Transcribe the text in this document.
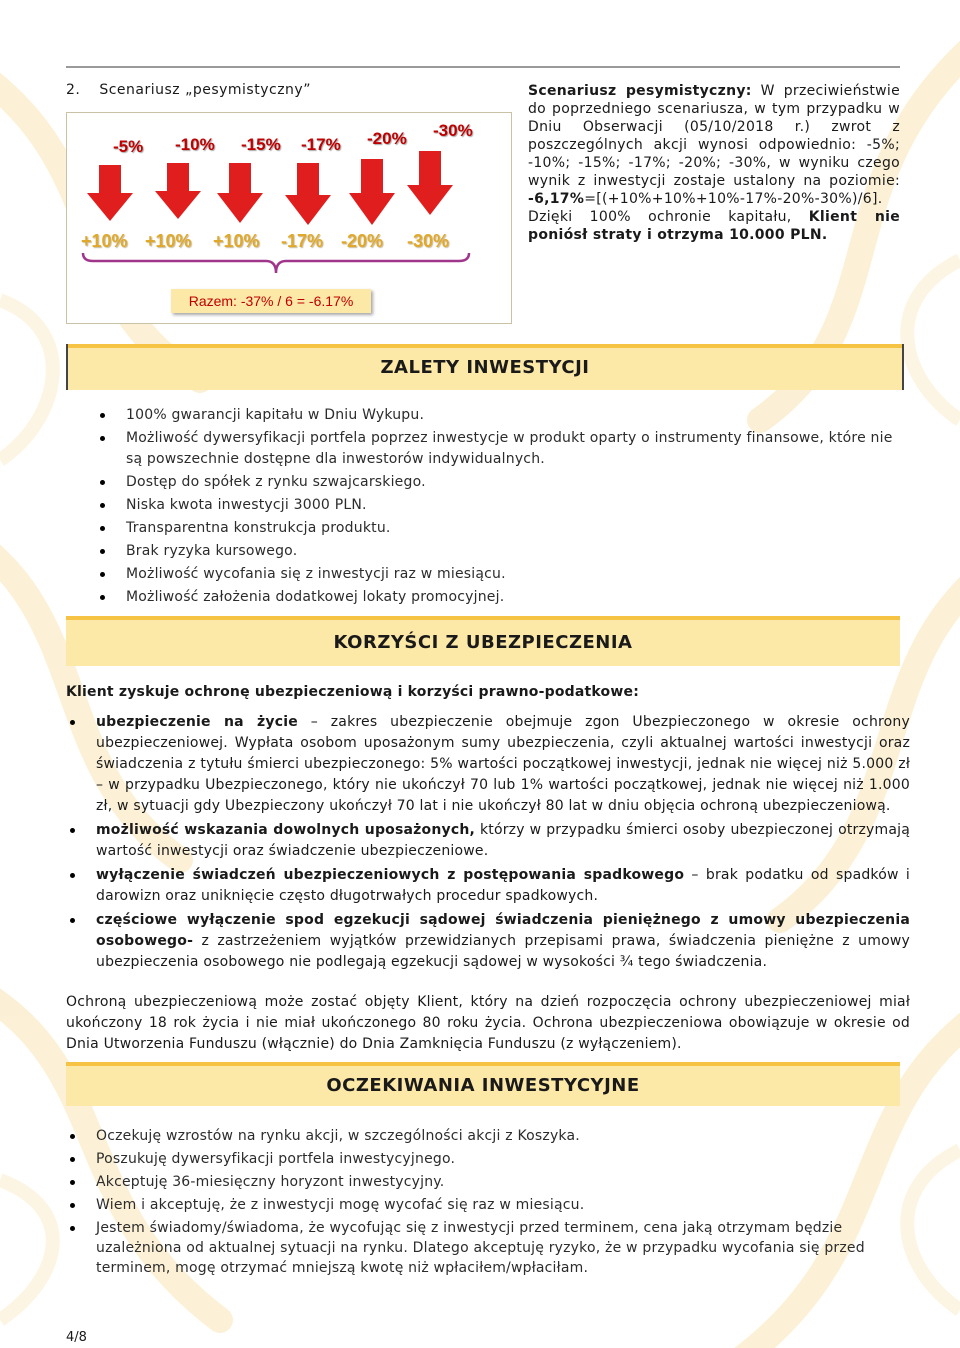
2. Scenariusz „pesymistyczny”
-5% -10% -15% -17% -20% -30%
+10% +10% +10% -17% -20% -30%
Razem: -37% / 6 = -6.17%
Scenariusz pesymistyczny: W przeciwieństwie do poprzedniego scenariusza, w tym przypadku w Dniu Obserwacji (05/10/2018 r.) zwrot z poszczególnych akcji wynosi odpowiednio: -5%; -10%; -15%; -17%; -20%; -30%, w wyniku czego wynik z inwestycji zostaje ustalony na poziomie: -6,17%=[(+10%+10%+10%-17%-20%-30%)/6]. Dzięki 100% ochronie kapitału, Klient nie poniósł straty i otrzyma 10.000 PLN.
ZALETY INWESTYCJI
100% gwarancji kapitału w Dniu Wykupu.
Możliwość dywersyfikacji portfela poprzez inwestycje w produkt oparty o instrumenty finansowe, które nie są powszechnie dostępne dla inwestorów indywidualnych.
Dostęp do spółek z rynku szwajcarskiego.
Niska kwota inwestycji 3000 PLN.
Transparentna konstrukcja produktu.
Brak ryzyka kursowego.
Możliwość wycofania się z inwestycji raz w miesiącu.
Możliwość założenia dodatkowej lokaty promocyjnej.
KORZYŚCI Z UBEZPIECZENIA
Klient zyskuje ochronę ubezpieczeniową i korzyści prawno-podatkowe:
ubezpieczenie na życie – zakres ubezpieczenie obejmuje zgon Ubezpieczonego w okresie ochrony ubezpieczeniowej. Wypłata osobom uposażonym sumy ubezpieczenia, czyli aktualnej wartości inwestycji oraz świadczenia z tytułu śmierci ubezpieczonego: 5% wartości początkowej inwestycji, jednak nie więcej niż 5.000 zł – w przypadku Ubezpieczonego, który nie ukończył 70 lub 1% wartości początkowej, jednak nie więcej niż 1.000 zł, w sytuacji gdy Ubezpieczony ukończył 70 lat i nie ukończył 80 lat w dniu objęcia ochroną ubezpieczeniową.
możliwość wskazania dowolnych uposażonych, którzy w przypadku śmierci osoby ubezpieczonej otrzymają wartość inwestycji oraz świadczenie ubezpieczeniowe.
wyłączenie świadczeń ubezpieczeniowych z postępowania spadkowego – brak podatku od spadków i darowizn oraz uniknięcie często długotrwałych procedur spadkowych.
częściowe wyłączenie spod egzekucji sądowej świadczenia pieniężnego z umowy ubezpieczenia osobowego- z zastrzeżeniem wyjątków przewidzianych przepisami prawa, świadczenia pieniężne z umowy ubezpieczenia osobowego nie podlegają egzekucji sądowej w wysokości ¾ tego świadczenia.
Ochroną ubezpieczeniową może zostać objęty Klient, który na dzień rozpoczęcia ochrony ubezpieczeniowej miał ukończony 18 rok życia i nie miał ukończonego 80 roku życia. Ochrona ubezpieczeniowa obowiązuje w okresie od Dnia Utworzenia Funduszu (włącznie) do Dnia Zamknięcia Funduszu (z wyłączeniem).
OCZEKIWANIA INWESTYCYJNE
Oczekuję wzrostów na rynku akcji, w szczególności akcji z Koszyka.
Poszukuję dywersyfikacji portfela inwestycyjnego.
Akceptuję 36-miesięczny horyzont inwestycyjny.
Wiem i akceptuję, że z inwestycji mogę wycofać się raz w miesiącu.
Jestem świadomy/świadoma, że wycofując się z inwestycji przed terminem, cena jaką otrzymam będzie uzależniona od aktualnej sytuacji na rynku. Dlatego akceptuję ryzyko, że w przypadku wycofania się przed terminem, mogę otrzymać mniejszą kwotę niż wpłaciłem/wpłaciłam.
4/8
